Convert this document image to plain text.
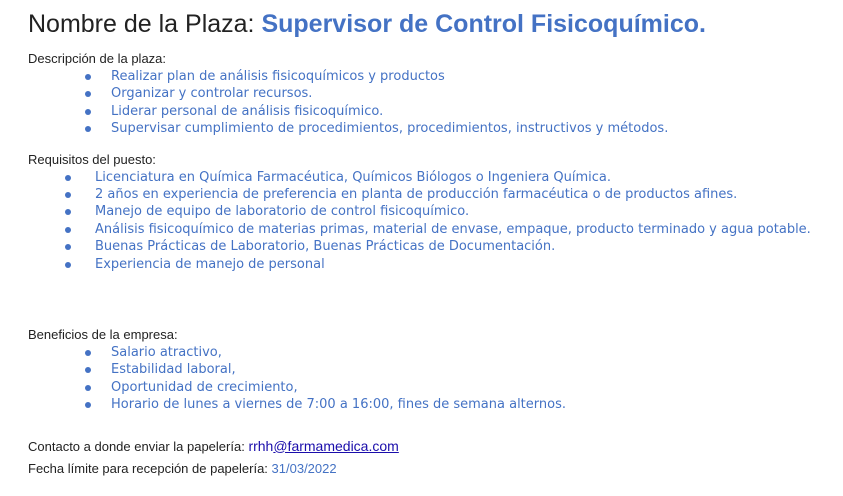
Nombre de la Plaza: Supervisor de Control Fisicoquímico.
Descripción de la plaza:
Realizar plan de análisis fisicoquímicos y productos
Organizar y controlar recursos.
Liderar personal de análisis fisicoquímico.
Supervisar cumplimiento de procedimientos, procedimientos, instructivos y métodos.
Requisitos del puesto:
Licenciatura en Química Farmacéutica, Químicos Biólogos o Ingeniera Química.
2 años en experiencia de preferencia en planta de producción farmacéutica o de productos afines.
Manejo de equipo de laboratorio de control fisicoquímico.
Análisis fisicoquímico de materias primas, material de envase, empaque, producto terminado y agua potable.
Buenas Prácticas de Laboratorio, Buenas Prácticas de Documentación.
Experiencia de manejo de personal
Beneficios de la empresa:
Salario atractivo,
Estabilidad laboral,
Oportunidad de crecimiento,
Horario de lunes a viernes de 7:00 a 16:00, fines de semana alternos.
Contacto a donde enviar la papelería: rrhh@farmamedica.com
Fecha límite para recepción de papelería: 31/03/2022
